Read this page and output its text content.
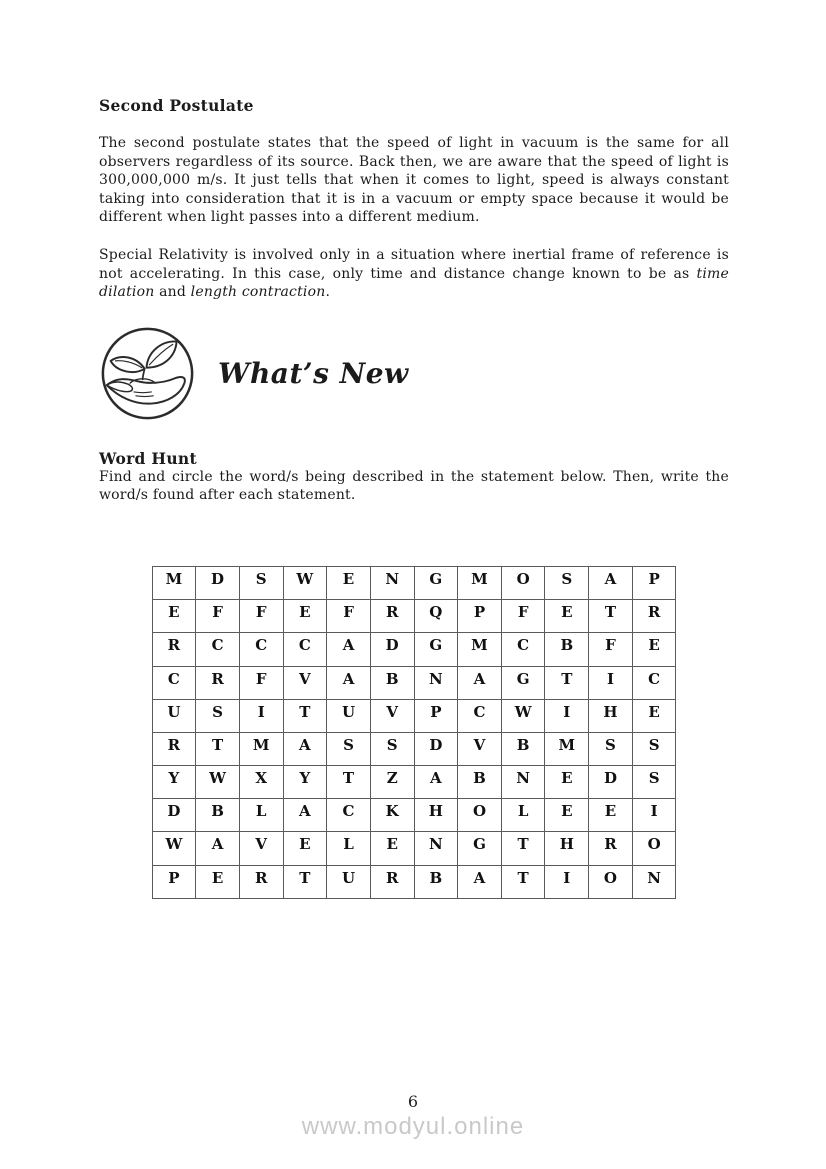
Second Postulate

The second postulate states that the speed of light in vacuum is the same for all observers regardless of its source. Back then, we are aware that the speed of light is 300,000,000 m/s. It just tells that when it comes to light, speed is always constant taking into consideration that it is in a vacuum or empty space because it would be different when light passes into a different medium.

Special Relativity is involved only in a situation where inertial frame of reference is not accelerating. In this case, only time and distance change known to be as time dilation and length contraction.

What’s New
Word Hunt

Find and circle the word/s being described in the statement below. Then, write the word/s found after each statement.

M	D	S	W	E	N	G	M	O	S	A	P
E	F	F	E	F	R	Q	P	F	E	T	R
R	C	C	C	A	D	G	M	C	B	F	E
C	R	F	V	A	B	N	A	G	T	I	C
U	S	I	T	U	V	P	C	W	I	H	E
R	T	M	A	S	S	D	V	B	M	S	S
Y	W	X	Y	T	Z	A	B	N	E	D	S
D	B	L	A	C	K	H	O	L	E	E	I
W	A	V	E	L	E	N	G	T	H	R	O
P	E	R	T	U	R	B	A	T	I	O	N
6
www.modyul.online
